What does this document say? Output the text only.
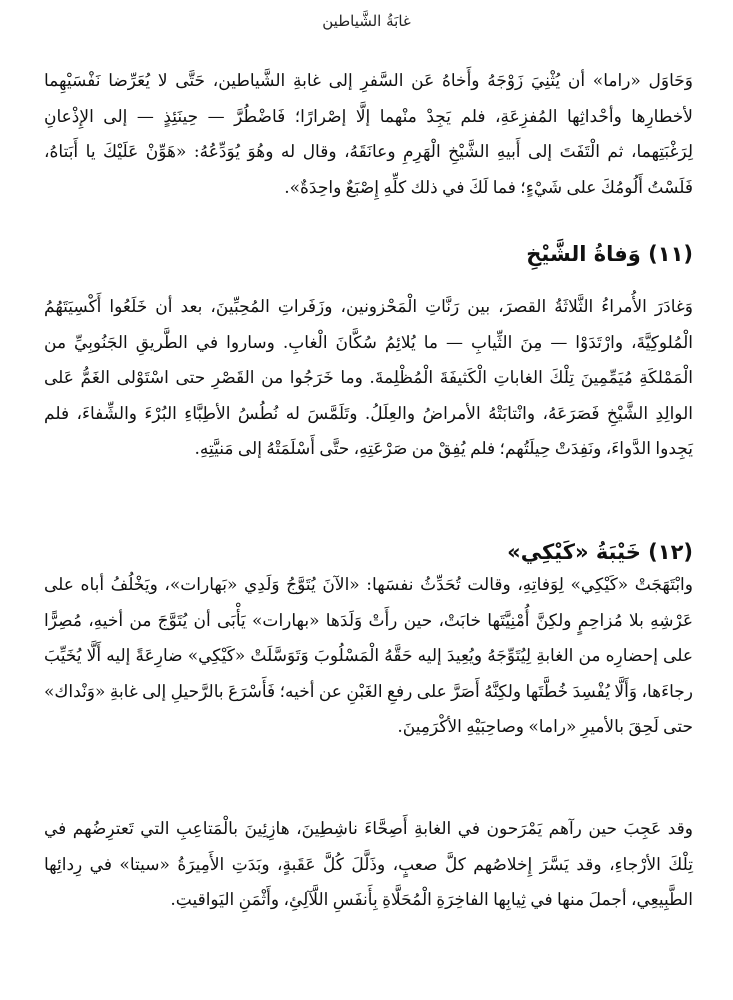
غابَةُ الشَّياطين

وَحَاوَل «راما» أن يُثْنِيَ زَوْجَهُ وأَخاهُ عَن السَّفرِ إلى غابةِ الشَّياطين، حَتَّى لا يُعَرِّضا نَفْسَيْهِما لأخطارِها وأحْداثِها المُفزِعَةِ، فلم يَجِدْ منْهما إلَّا إصْرارًا؛ فَاضْطُرَّ — حِينَئِذٍ — إلى الإِذْعانِ لِرَغْبَتِهما، ثم الْتَفَتَ إلى أَبيهِ الشَّيْخِ الْهَرِمِ وعانَقَهُ، وقال له وهُوَ يُوَدِّعُهُ: «هَوِّنْ عَلَيْكَ يا أَبَتاهُ، فَلَسْتُ أَلُومُكَ على شَيْءٍ؛ فما لَكَ في ذلك كلِّهِ إِصْبَعٌ واحِدَةٌ».

(١١) وَفاةُ الشَّيْخِ

وَغادَرَ الأُمراءُ الثَّلاثَةُ القصرَ، بين رَنَّاتِ الْمَحْزونين، وزَفَراتِ المُحِبِّينَ، بعد أن خَلَعُوا أَكْسِيَتَهُمُ الْمُلوكِيَّةَ، وارْتَدَوْا — مِنَ الثِّيابِ — ما يُلائِمُ سُكَّانَ الْغابِ. وساروا في الطَّريقِ الجَنُوبِيِّ من الْمَمْلكَةِ مُيَمِّمِينَ تِلْكَ الغاباتِ الْكَثيفَةَ الْمُظْلِمةَ. وما خَرَجُوا من القَصْرِ حتى اسْتَوْلى الغَمُّ عَلى الوالِدِ الشَّيْخِ فَصَرَعَهُ، وانْتابَتْهُ الأمراضُ والعِلَلُ. وتَلَمَّسَ له نُطُسُ الأطِبَّاءِ البُرْءَ والشِّفاءَ، فلم يَجِدوا الدَّواءَ، ونَفِدَتْ حِيلَتُهم؛ فلم يُفِقْ من صَرْعَتِهِ، حتَّى أَسْلَمَتْهُ إلى مَنيَّتِهِ.

(١٢) خَيْبَةُ «كَيْكِي»

وابْتَهَجَتْ «كَيْكِي» لِوَفاتِهِ، وقالت تُحَدِّثُ نفسَها: «الآنَ يُتَوَّجُ وَلَدِي «بَهارات»، ويَخْلُفُ أباه على عَرْشِهِ بلا مُزاحِمٍ ولكِنَّ أُمْنِيَّتَها خابَتْ، حين رأَتْ وَلَدَها «بهارات» يَأْبَى أن يُتَوَّجَ من أخيهِ، مُصِرًّا على إحضارِه من الغابةِ لِيُتَوِّجَهُ ويُعِيدَ إليه حَقَّهُ الْمَسْلُوبَ وَتَوَسَّلَتْ «كَيْكِي» ضارِعَةً إليه أَلَّا يُخَيِّبَ رجاءَها، وَأَلَّا يُفْسِدَ خُطَّتَها ولكِنَّهُ أَصَرَّ على رفعِ الغَبْنِ عن أخيه؛ فَأَسْرَعَ بالرَّحيلِ إلى غابةِ «وَنْداك» حتى لَحِقَ بالأميرِ «راما» وصاحِبَيْهِ الأكْرَمِينَ.

وقد عَجِبَ حين رآهم يَمْرَحون في الغابةِ أَصِحَّاءَ ناشِطِينَ، هازِئِينَ بالْمَتاعِبِ التي تَعترِضُهم في تِلْكَ الأرْجاءِ، وقد يَسَّرَ إِخلاصُهم كلَّ صعبٍ، وذَلَّلَ كُلَّ عَقَبةٍ، وبَدَتِ الأَمِيرَةُ «سيتا» في رِدائِها الطَّبِيعِي، أجملَ منها في ثِيابِها الفاخِرَةِ الْمُحَلَّاةِ بِأَنفَسِ اللَّآلِئِ، وأَثْمَنِ اليَواقيتِ.
